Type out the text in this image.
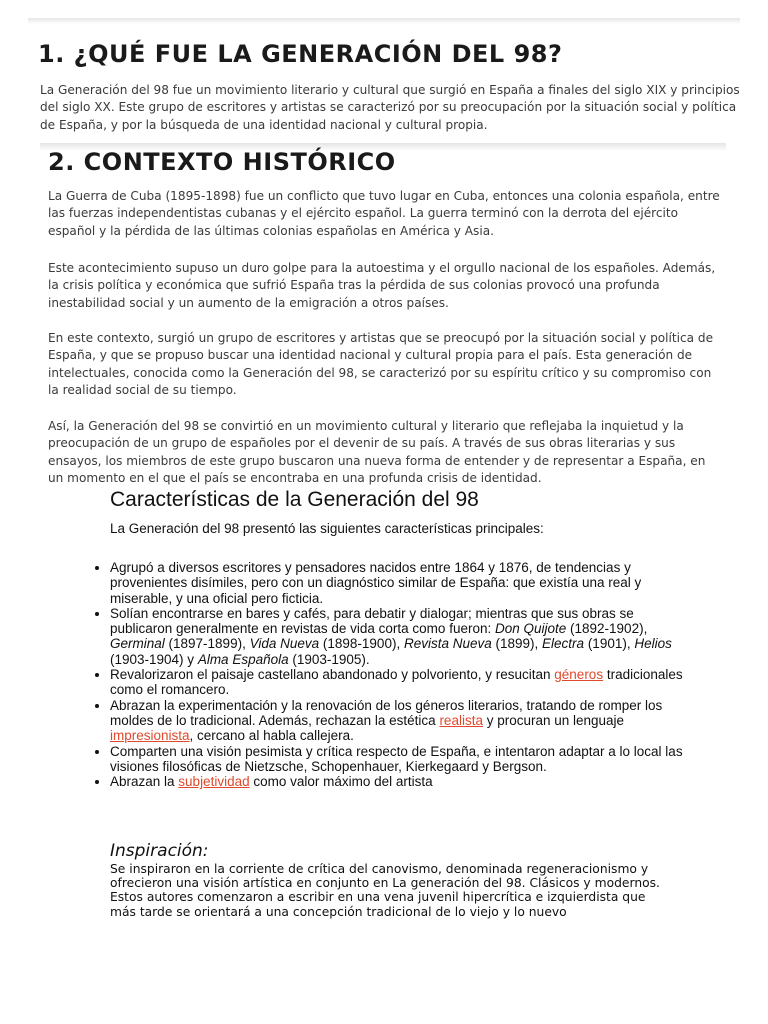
1. ¿QUÉ FUE LA GENERACIÓN DEL 98?

La Generación del 98 fue un movimiento literario y cultural que surgió en España a finales del siglo XIX y principios del siglo XX. Este grupo de escritores y artistas se caracterizó por su preocupación por la situación social y política de España, y por la búsqueda de una identidad nacional y cultural propia.

2. CONTEXTO HISTÓRICO

La Guerra de Cuba (1895-1898) fue un conflicto que tuvo lugar en Cuba, entonces una colonia española, entre las fuerzas independentistas cubanas y el ejército español. La guerra terminó con la derrota del ejército español y la pérdida de las últimas colonias españolas en América y Asia.

Este acontecimiento supuso un duro golpe para la autoestima y el orgullo nacional de los españoles. Además, la crisis política y económica que sufrió España tras la pérdida de sus colonias provocó una profunda inestabilidad social y un aumento de la emigración a otros países.

En este contexto, surgió un grupo de escritores y artistas que se preocupó por la situación social y política de España, y que se propuso buscar una identidad nacional y cultural propia para el país. Esta generación de intelectuales, conocida como la Generación del 98, se caracterizó por su espíritu crítico y su compromiso con la realidad social de su tiempo.

Así, la Generación del 98 se convirtió en un movimiento cultural y literario que reflejaba la inquietud y la preocupación de un grupo de españoles por el devenir de su país. A través de sus obras literarias y sus ensayos, los miembros de este grupo buscaron una nueva forma de entender y de representar a España, en un momento en el que el país se encontraba en una profunda crisis de identidad.

Características de la Generación del 98

La Generación del 98 presentó las siguientes características principales:

• Agrupó a diversos escritores y pensadores nacidos entre 1864 y 1876, de tendencias y provenientes disímiles, pero con un diagnóstico similar de España: que existía una real y miserable, y una oficial pero ficticia.
• Solían encontrarse en bares y cafés, para debatir y dialogar; mientras que sus obras se publicaron generalmente en revistas de vida corta como fueron: Don Quijote (1892-1902), Germinal (1897-1899), Vida Nueva (1898-1900), Revista Nueva (1899), Electra (1901), Helios (1903-1904) y Alma Española (1903-1905).
• Revalorizaron el paisaje castellano abandonado y polvoriento, y resucitan géneros tradicionales como el romancero.
• Abrazan la experimentación y la renovación de los géneros literarios, tratando de romper los moldes de lo tradicional. Además, rechazan la estética realista y procuran un lenguaje impresionista, cercano al habla callejera.
• Comparten una visión pesimista y crítica respecto de España, e intentaron adaptar a lo local las visiones filosóficas de Nietzsche, Schopenhauer, Kierkegaard y Bergson.
• Abrazan la subjetividad como valor máximo del artista
Inspiración:

Se inspiraron en la corriente de crítica del canovismo, denominada regeneracionismo y ofrecieron una visión artística en conjunto en La generación del 98. Clásicos y modernos.
Estos autores comenzaron a escribir en una vena juvenil hipercrítica e izquierdista que más tarde se orientará a una concepción tradicional de lo viejo y lo nuevo
